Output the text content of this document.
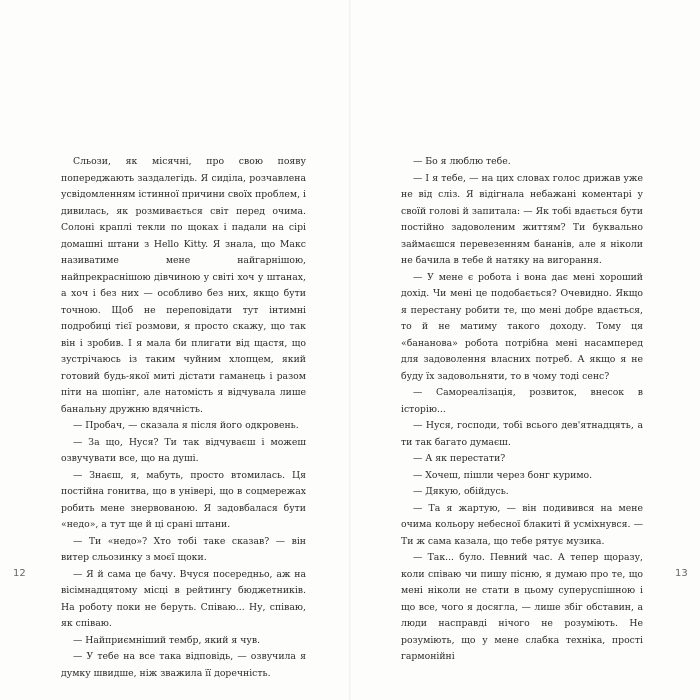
Сльози, як місячні, про свою появу попереджають заздалегідь. Я сиділа, розчавлена усвідомленням істинної причини своїх проблем, і дивилась, як розмивається світ перед очима. Солоні краплі текли по щоках і падали на сірі домашні штани з Hello Kitty. Я знала, що Макс називатиме мене найгарнішою, найпрекраснішою дівчиною у світі хоч у штанах, а хоч і без них — особливо без них, якщо бути точною. Щоб не переповідати тут інтимні подробиці тієї розмови, я просто скажу, що так він і зробив. І я мала би плигати від щастя, що зустрічаюсь із таким чуйним хлопцем, який готовий будь-якої миті дістати гаманець і разом піти на шопінг, але натомість я відчувала лише банальну дружню вдячність.

— Пробач, — сказала я після його одкровень.

— За що, Нуся? Ти так відчуваєш і можеш озвучувати все, що на душі.

— Знаєш, я, мабуть, просто втомилась. Ця постійна гонитва, що в універі, що в соцмережах робить мене знервованою. Я задовбалася бути «недо», а тут ще й ці срані штани.

— Ти «недо»? Хто тобі таке сказав? — він витер сльозинку з моєї щоки.

— Я й сама це бачу. Вчуся посередньо, аж на вісімнадцятому місці в рейтингу бюджетників. На роботу поки не беруть. Співаю... Ну, співаю, як співаю.

— Найприємніший тембр, який я чув.

— У тебе на все така відповідь, — озвучила я думку швидше, ніж зважила її доречність.

12

— Бо я люблю тебе.

— І я тебе, — на цих словах голос дрижав уже не від сліз. Я відігнала небажані коментарі у своїй голові й запитала: — Як тобі вдається бути постійно задоволеним життям? Ти буквально займаєшся перевезенням бананів, але я ніколи не бачила в тебе й натяку на вигорання.

— У мене є робота і вона дає мені хороший дохід. Чи мені це подобається? Очевидно. Якщо я перестану робити те, що мені добре вдається, то й не матиму такого доходу. Тому ця «бананова» робота потрібна мені насамперед для задоволення власних потреб. А якщо я не буду їх задовольняти, то в чому тоді сенс?

— Самореалізація, розвиток, внесок в історію...

— Нуся, господи, тобі всього дев'ятнадцять, а ти так багато думаєш.

— А як перестати?

— Хочеш, пішли через бонг куримо.

— Дякую, обійдусь.

— Та я жартую, — він подивився на мене очима кольору небесної блакиті й усміхнувся. — Ти ж сама казала, що тебе рятує музика.

— Так... було. Певний час. А тепер щоразу, коли співаю чи пишу пісню, я думаю про те, що мені ніколи не стати в цьому суперуспішною і що все, чого я досягла, — лише збіг обставин, а люди насправді нічого не розуміють. Не розуміють, що у мене слабка техніка, прості гармонійні

13
